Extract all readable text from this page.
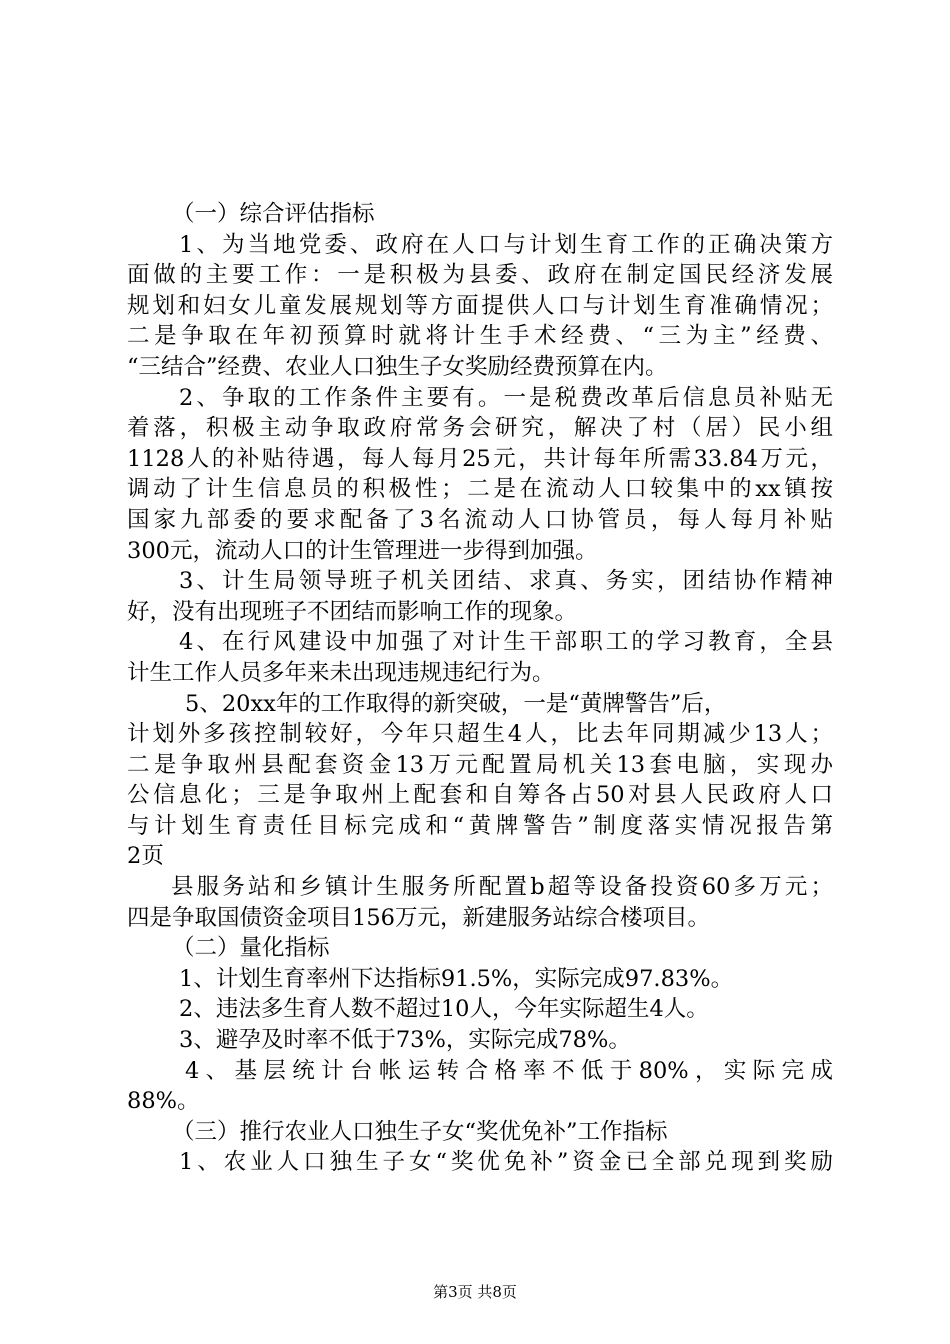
（一）综合评估指标
1、为当地党委、政府在人口与计划生育工作的正确决策方
面做的主要工作：一是积极为县委、政府在制定国民经济发展
规划和妇女儿童发展规划等方面提供人口与计划生育准确情况；
二是争取在年初预算时就将计生手术经费、“三为主”经费、
“三结合”经费、农业人口独生子女奖励经费预算在内。
2、争取的工作条件主要有。一是税费改革后信息员补贴无
着落，积极主动争取政府常务会研究，解决了村（居）民小组
1128人的补贴待遇，每人每月25元，共计每年所需33.84万元，
调动了计生信息员的积极性；二是在流动人口较集中的xx镇按
国家九部委的要求配备了3名流动人口协管员，每人每月补贴
300元，流动人口的计生管理进一步得到加强。
3、计生局领导班子机关团结、求真、务实，团结协作精神
好，没有出现班子不团结而影响工作的现象。
4、在行风建设中加强了对计生干部职工的学习教育，全县
计生工作人员多年来未出现违规违纪行为。
5、20xx年的工作取得的新突破，一是“黄牌警告”后，
计划外多孩控制较好，今年只超生4人，比去年同期减少13人；
二是争取州县配套资金13万元配置局机关13套电脑，实现办
公信息化；三是争取州上配套和自筹各占50对县人民政府人口
与计划生育责任目标完成和“黄牌警告”制度落实情况报告第
2页
县服务站和乡镇计生服务所配置b超等设备投资60多万元；
四是争取国债资金项目156万元，新建服务站综合楼项目。
（二）量化指标
1、计划生育率州下达指标91.5%，实际完成97.83%。
2、违法多生育人数不超过10人，今年实际超生4人。
3、避孕及时率不低于73%，实际完成78%。
4、基层统计台帐运转合格率不低于80%，实际完成
88%。
（三）推行农业人口独生子女“奖优免补”工作指标
1、农业人口独生子女“奖优免补”资金已全部兑现到奖励
第3页 共8页
